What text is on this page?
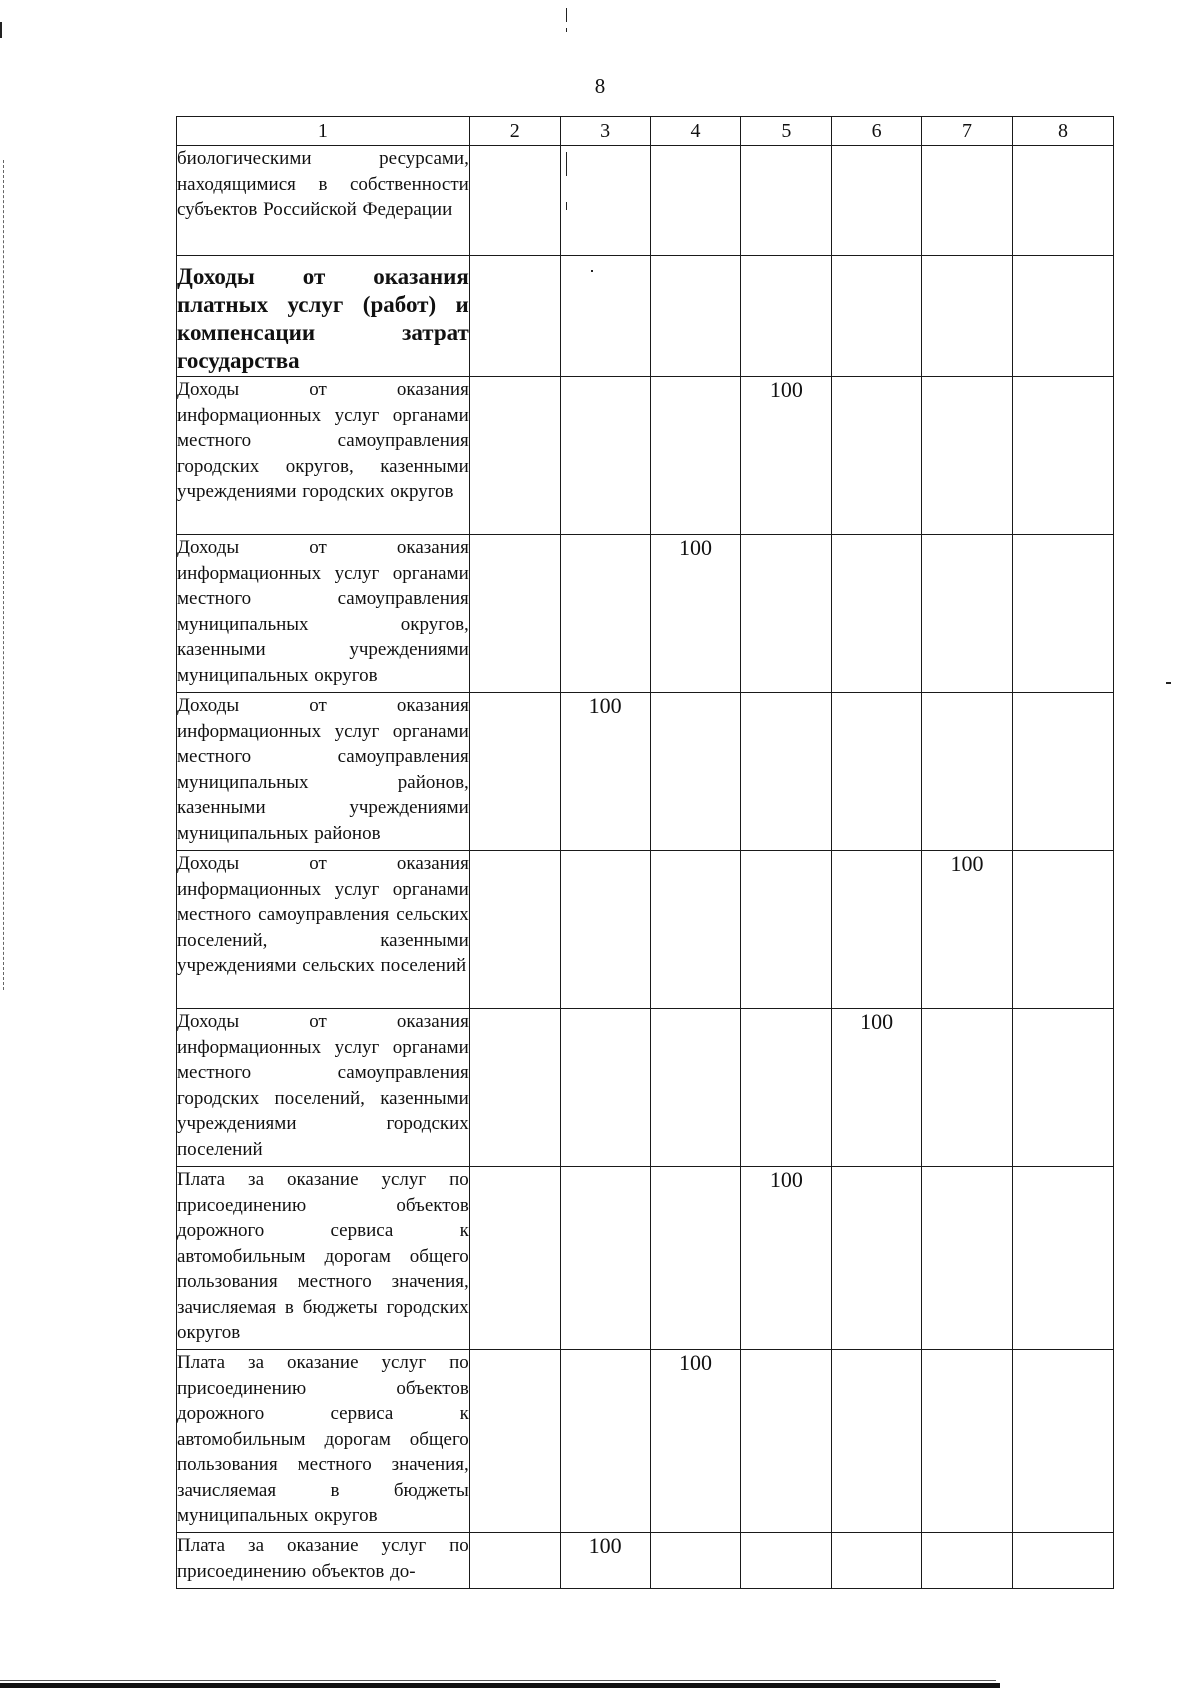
8
1	2	3	4	5	6	7	8
биологическими ресурсами, находящимися в собственности субъектов Российской Федерации							
Доходы от оказания платных услуг (работ) и компенсации затрат государства							
Доходы от оказания информационных услуг органами местного самоуправления городских округов, казенными учреждениями городских округов				100			
Доходы от оказания информационных услуг органами местного самоуправления муниципальных округов, казенными учреждениями муниципальных округов			100				
Доходы от оказания информационных услуг органами местного самоуправления муниципальных районов, казенными учреждениями муниципальных районов		100					
Доходы от оказания информационных услуг органами местного самоуправления сельских поселений, казенными учреждениями сельских поселений						100	
Доходы от оказания информационных услуг органами местного самоуправления городских поселений, казенными учреждениями городских поселений					100		
Плата за оказание услуг по присоединению объектов дорожного сервиса к автомобильным дорогам общего пользования местного значения, зачисляемая в бюджеты городских округов				100			
Плата за оказание услуг по присоединению объектов дорожного сервиса к автомобильным дорогам общего пользования местного значения, зачисляемая в бюджеты муниципальных округов			100				
Плата за оказание услуг по присоединению объектов до-		100					
